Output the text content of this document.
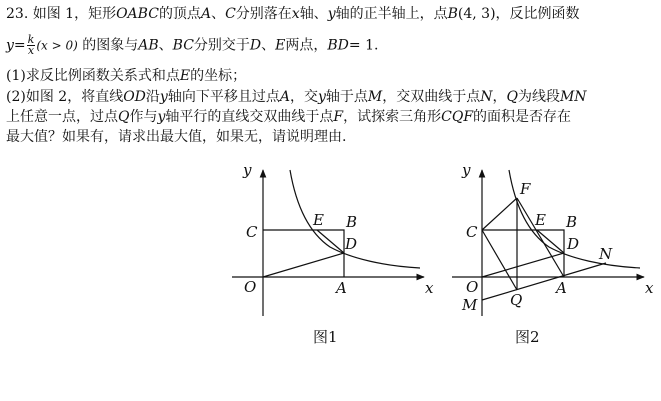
23. 如图 1，矩形OABC的顶点A、C分别落在x轴、y轴的正半轴上，点B(4, 3)，反比例函数
$y= \frac{k}{x} (x > 0)$ 的图象与AB、BC分别交于D、E两点，BD= 1.
(1)求反比例函数关系式和点E的坐标；
(2)如图 2，将直线OD沿y轴向下平移且过点A，交y轴于点M，交双曲线于点N，Q为线段MN
上任意一点，过点Q作与y轴平行的直线交双曲线于点F，试探索三角形CQF的面积是否存在
最大值？如果有，请求出最大值，如果无，请说明理由.
y
x
O	A
C
B
D
E
图1
y
x
O	A
C
B
D
E
F
N
Q
M
图2
